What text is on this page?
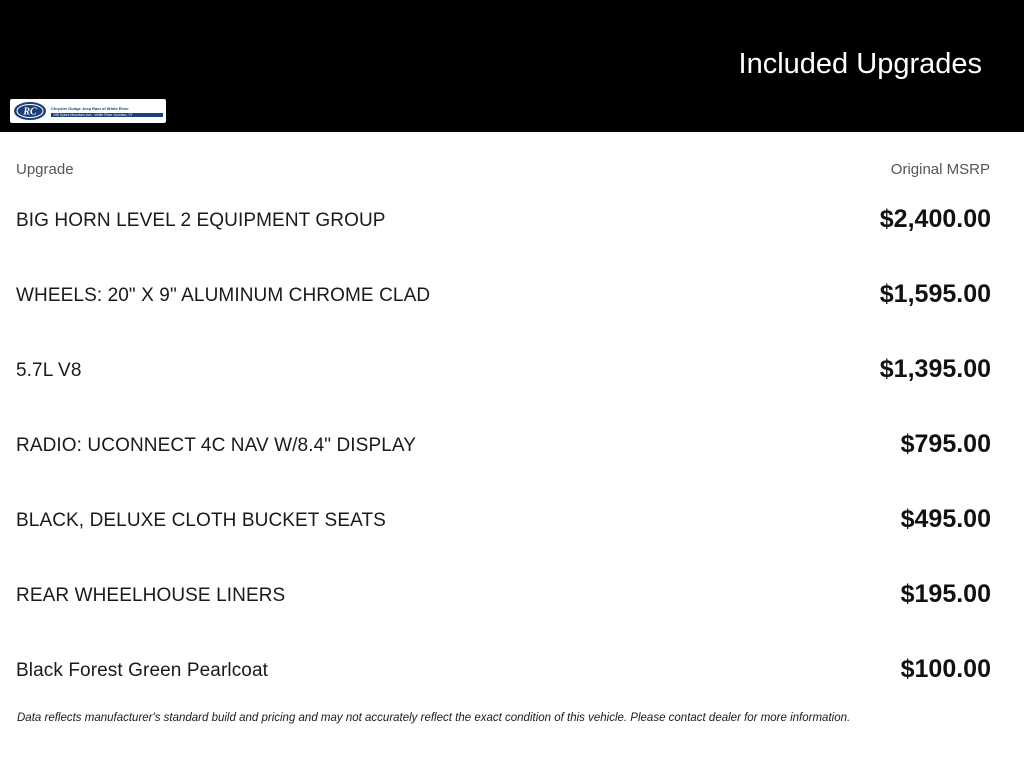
Included Upgrades
RC	Chrysler Dodge Jeep Ram of White River
198 Sykes Mountain Ave., White River Junction, VT
Upgrade	Original MSRP
BIG HORN LEVEL 2 EQUIPMENT GROUP	$2,400.00
WHEELS: 20" X 9" ALUMINUM CHROME CLAD	$1,595.00
5.7L V8	$1,395.00
RADIO: UCONNECT 4C NAV W/8.4" DISPLAY	$795.00
BLACK, DELUXE CLOTH BUCKET SEATS	$495.00
REAR WHEELHOUSE LINERS	$195.00
Black Forest Green Pearlcoat	$100.00
Data reflects manufacturer's standard build and pricing and may not accurately reflect the exact condition of this vehicle. Please contact dealer for more information.
